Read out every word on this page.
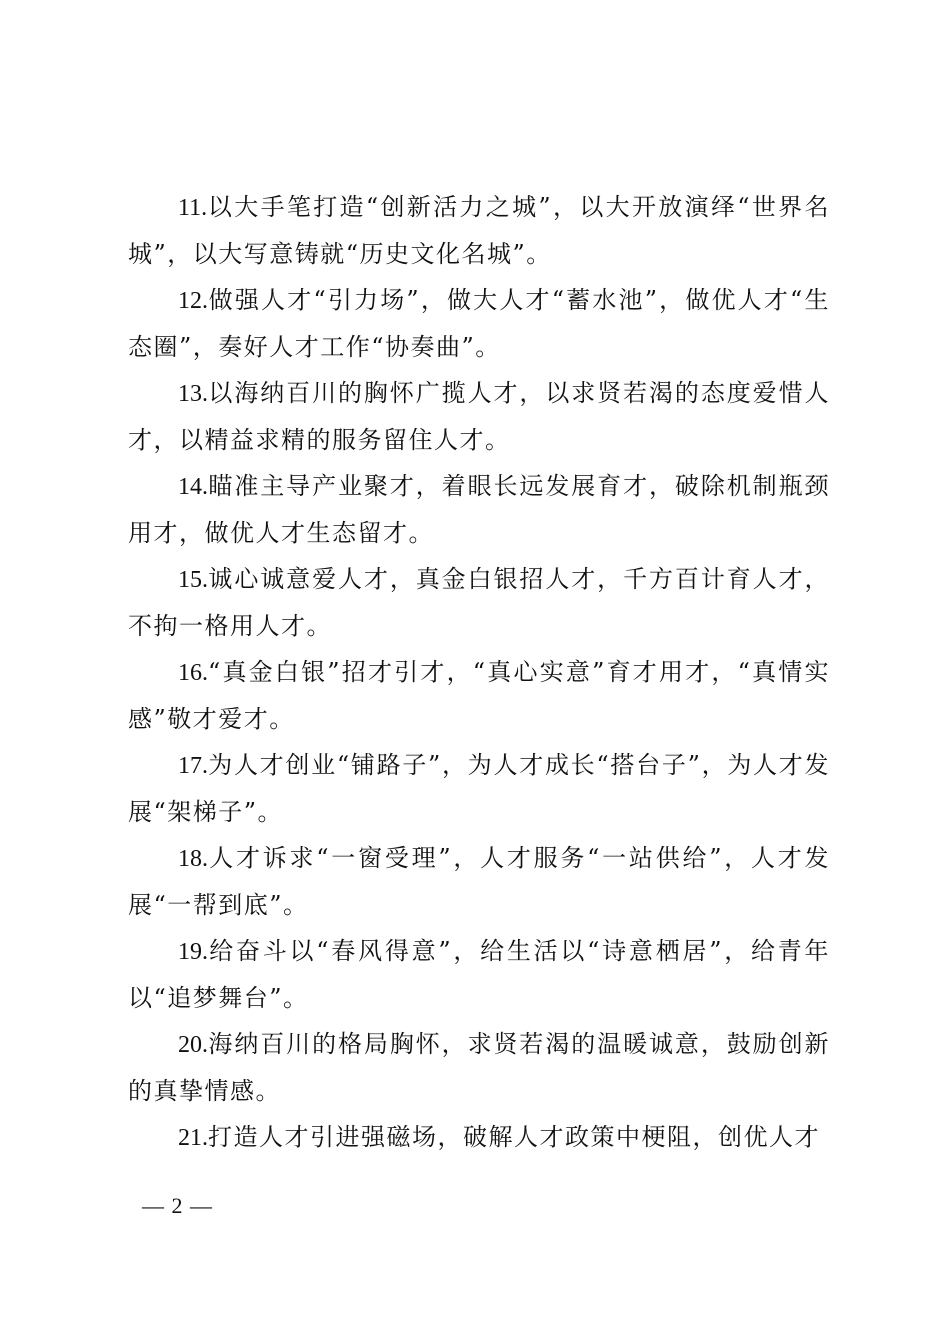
11.以大手笔打造“创新活力之城”，以大开放演绎“世界名城”，以大写意铸就“历史文化名城”。

12.做强人才“引力场”，做大人才“蓄水池”，做优人才“生态圈”，奏好人才工作“协奏曲”。

13.以海纳百川的胸怀广揽人才，以求贤若渴的态度爱惜人才，以精益求精的服务留住人才。

14.瞄准主导产业聚才，着眼长远发展育才，破除机制瓶颈用才，做优人才生态留才。

15.诚心诚意爱人才，真金白银招人才，千方百计育人才，不拘一格用人才。

16.“真金白银”招才引才，“真心实意”育才用才，“真情实感”敬才爱才。

17.为人才创业“铺路子”，为人才成长“搭台子”，为人才发展“架梯子”。

18.人才诉求“一窗受理”，人才服务“一站供给”，人才发展“一帮到底”。

19.给奋斗以“春风得意”，给生活以“诗意栖居”，给青年以“追梦舞台”。

20.海纳百川的格局胸怀，求贤若渴的温暖诚意，鼓励创新的真挚情感。

21.打造人才引进强磁场，破解人才政策中梗阻，创优人才

— 2 —
